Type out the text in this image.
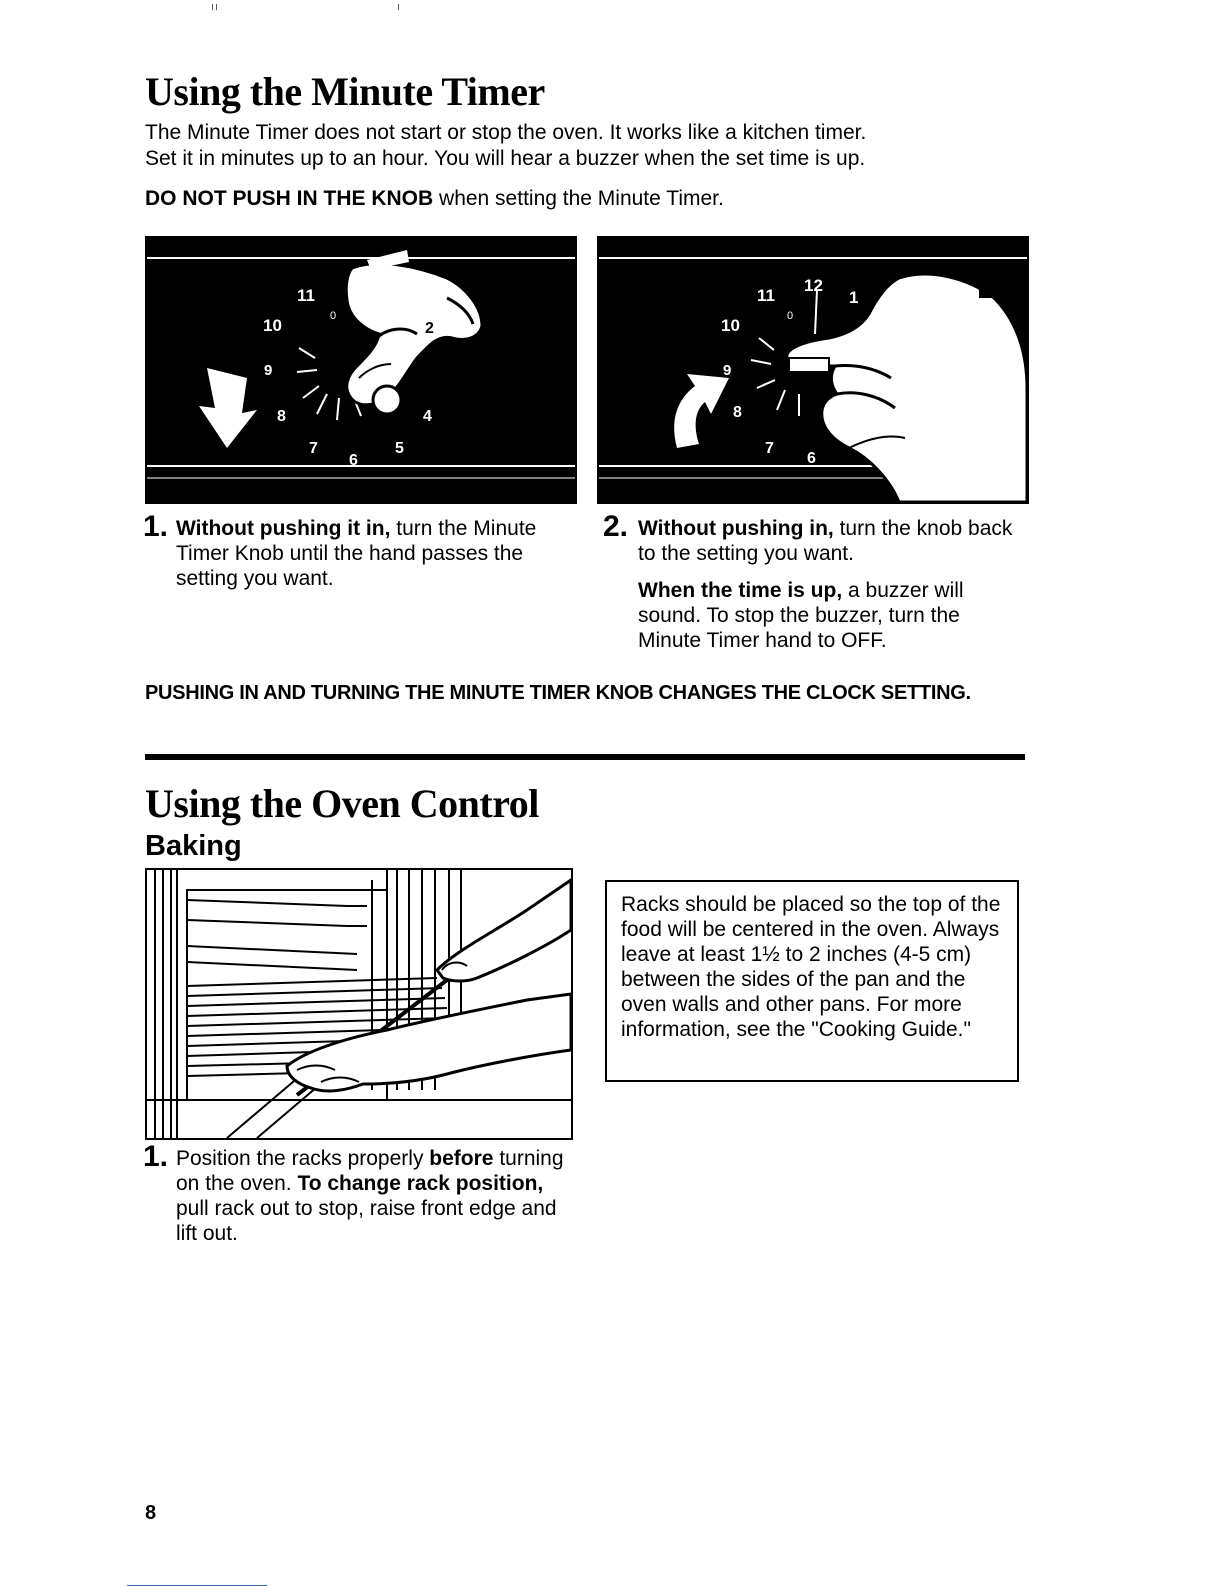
Using the Minute Timer

The Minute Timer does not start or stop the oven. It works like a kitchen timer.

Set it in minutes up to an hour. You will hear a buzzer when the set time is up.

DO NOT PUSH IN THE KNOB when setting the Minute Timer.

11
10
9
8
7
6
5
4
2
0
11
12
1
10
9
8
7
6
0
1. Without pushing it in, turn the Minute Timer Knob until the hand passes the setting you want.

2. Without pushing in, turn the knob back to the setting you want.

When the time is up, a buzzer will sound. To stop the buzzer, turn the Minute Timer hand to OFF.

PUSHING IN AND TURNING THE MINUTE TIMER KNOB CHANGES THE CLOCK SETTING.

Using the Oven Control
Baking
1. Position the racks properly before turning on the oven. To change rack position, pull rack out to stop, raise front edge and lift out.

Racks should be placed so the top of the food will be centered in the oven. Always leave at least 1½ to 2 inches (4-5 cm) between the sides of the pan and the oven walls and other pans. For more information, see the "Cooking Guide."
8
